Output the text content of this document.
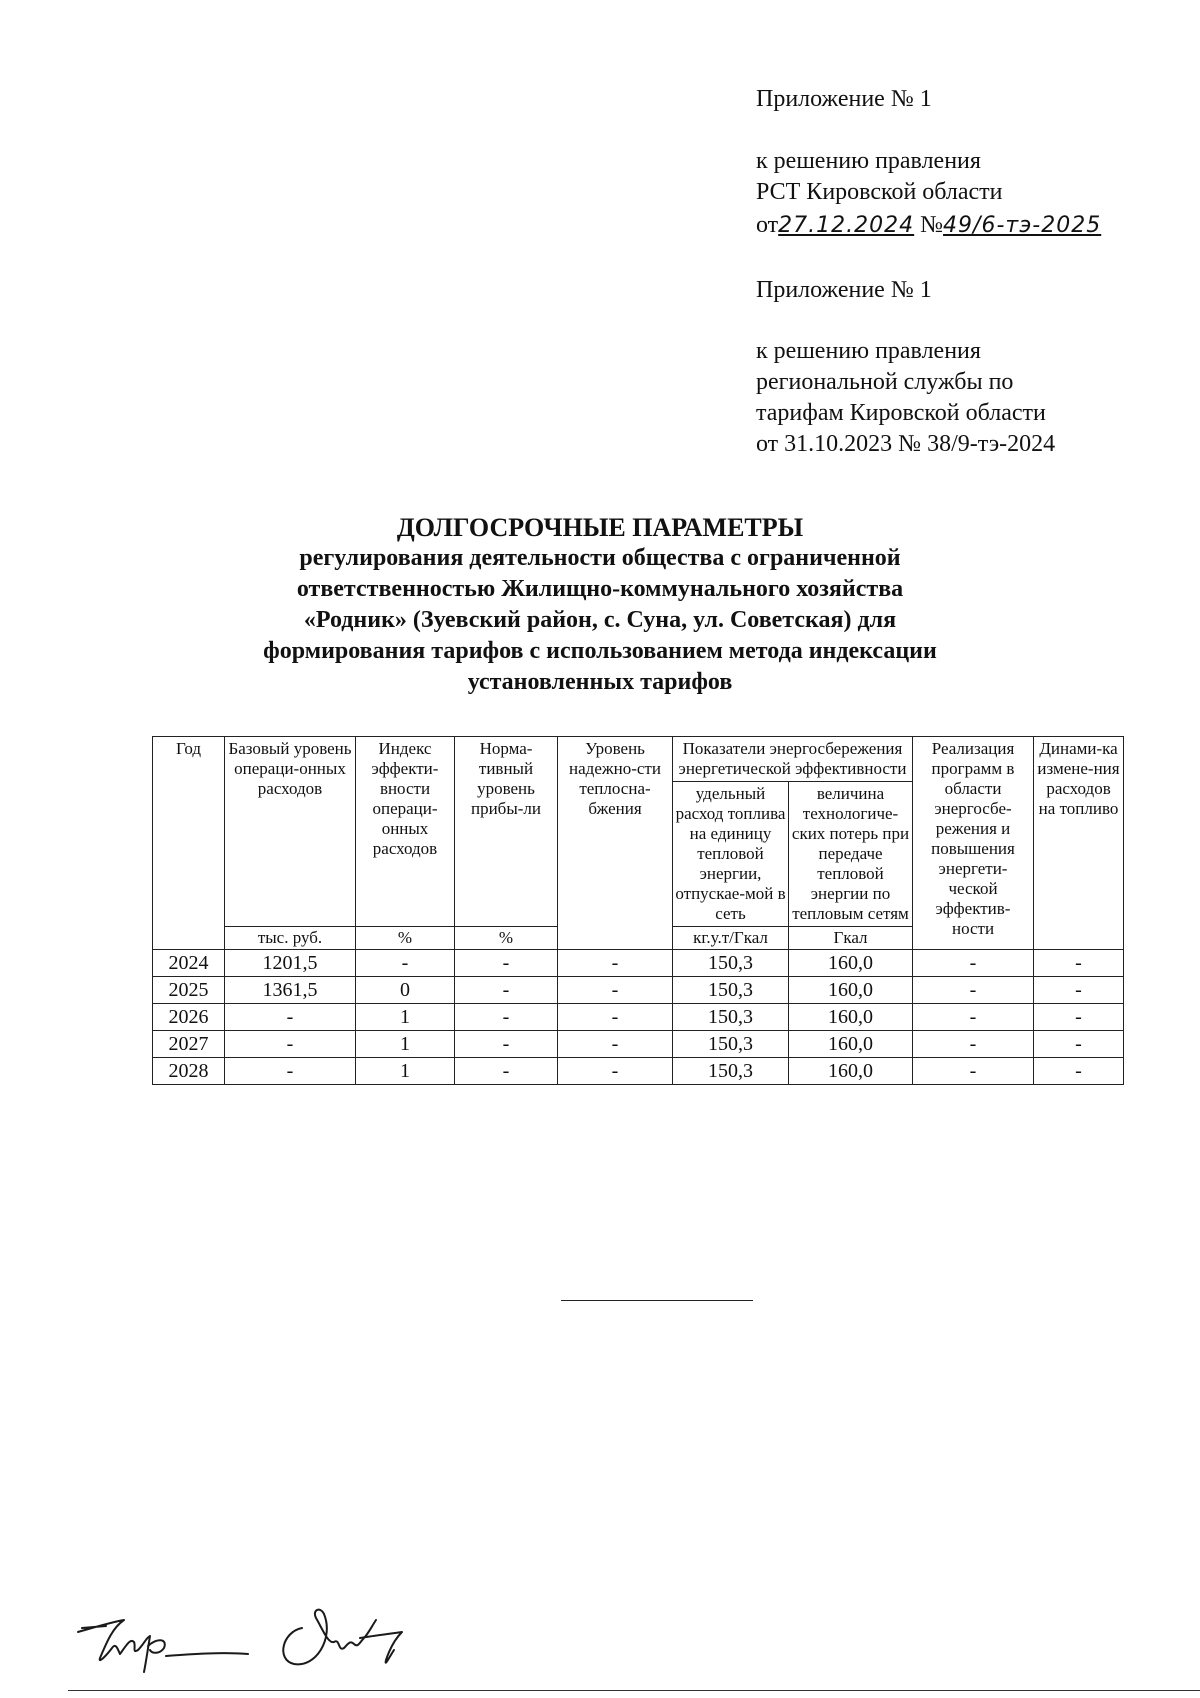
Приложение № 1
к решению правления
РСТ Кировской области
от27.12.2024 №49/6-тэ-2025
Приложение № 1
к решению правления
региональной службы по
тарифам Кировской области
от 31.10.2023 № 38/9-тэ-2024
ДОЛГОСРОЧНЫЕ ПАРАМЕТРЫ
регулирования деятельности общества с ограниченной
ответственностью Жилищно-коммунального хозяйства
«Родник» (Зуевский район, с. Суна, ул. Советская) для
формирования тарифов с использованием метода индексации
установленных тарифов
Год	Базовый уровень операци-онных расходов	Индекс эффекти-вности операци-онных расходов	Норма-тивный уровень прибы-ли	Уровень надежно-сти теплосна-бжения	Показатели энергосбережения энергетической эффективности		Реализация программ в области энергосбе-режения и повышения энергети-ческой эффектив-ности	Динами-ка измене-ния расходов на топливо
					удельный расход топлива на единицу тепловой энергии, отпускае-мой в сеть	величина технологиче-ских потерь при передаче тепловой энергии по тепловым сетям		
	тыс. руб.	%	%		кг.у.т/Гкал	Гкал		
2024	1201,5	-	-	-	150,3	160,0	-	-
2025	1361,5	0	-	-	150,3	160,0	-	-
2026	-	1	-	-	150,3	160,0	-	-
2027	-	1	-	-	150,3	160,0	-	-
2028	-	1	-	-	150,3	160,0	-	-
